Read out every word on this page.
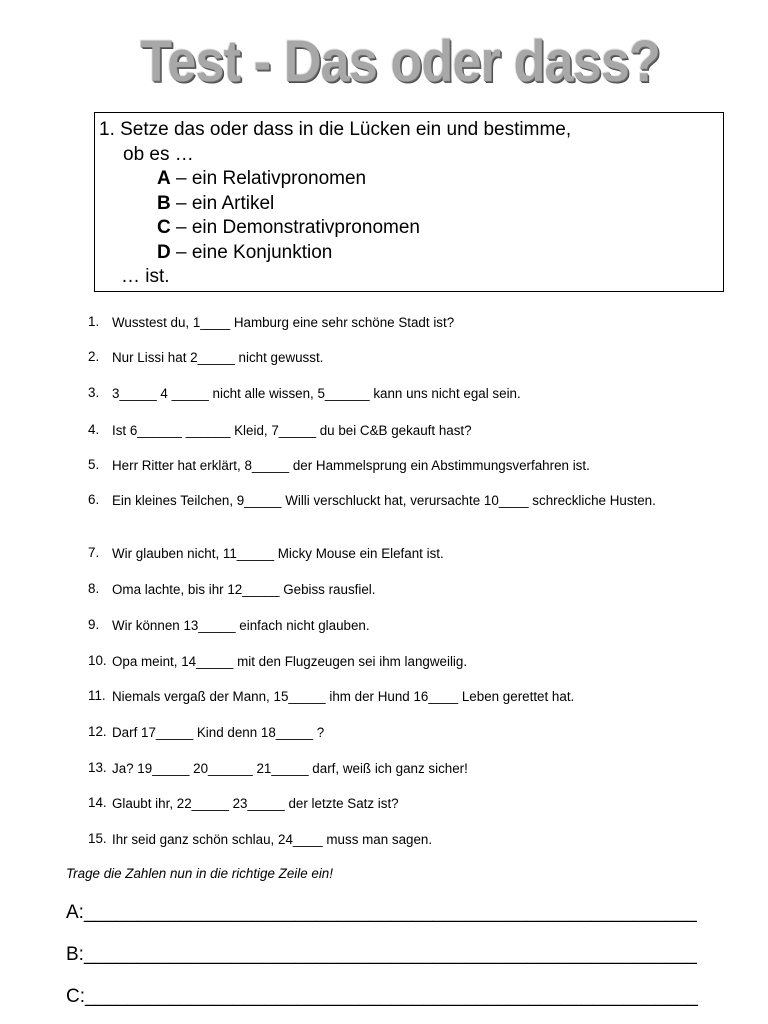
Test - Das oder dass?
1. Setze das oder dass in die Lücken ein und bestimme,
ob es …
A – ein Relativpronomen
B – ein Artikel
C – ein Demonstrativpronomen
D – eine Konjunktion
… ist.
1. Wusstest du, 1____ Hamburg eine sehr schöne Stadt ist?
2. Nur Lissi hat 2_____ nicht gewusst.
3. 3_____ 4 _____ nicht alle wissen, 5______ kann uns nicht egal sein.
4. Ist 6______ ______ Kleid, 7_____ du bei C&B gekauft hast?
5. Herr Ritter hat erklärt, 8_____ der Hammelsprung ein Abstimmungsverfahren ist.
6. Ein kleines Teilchen, 9_____ Willi verschluckt hat, verursachte 10____ schreckliche Husten.
7. Wir glauben nicht, 11_____ Micky Mouse ein Elefant ist.
8. Oma lachte, bis ihr 12_____ Gebiss rausfiel.
9. Wir können 13_____ einfach nicht glauben.
10. Opa meint, 14_____ mit den Flugzeugen sei ihm langweilig.
11. Niemals vergaß der Mann, 15_____ ihm der Hund 16____ Leben gerettet hat.
12. Darf 17_____ Kind denn 18_____ ?
13. Ja? 19_____ 20______ 21_____ darf, weiß ich ganz sicher!
14. Glaubt ihr, 22_____ 23_____ der letzte Satz ist?
15. Ihr seid ganz schön schlau, 24____ muss man sagen.
Trage die Zahlen nun in die richtige Zeile ein!
A:__________________________________________________________
B:__________________________________________________________
C:__________________________________________________________
